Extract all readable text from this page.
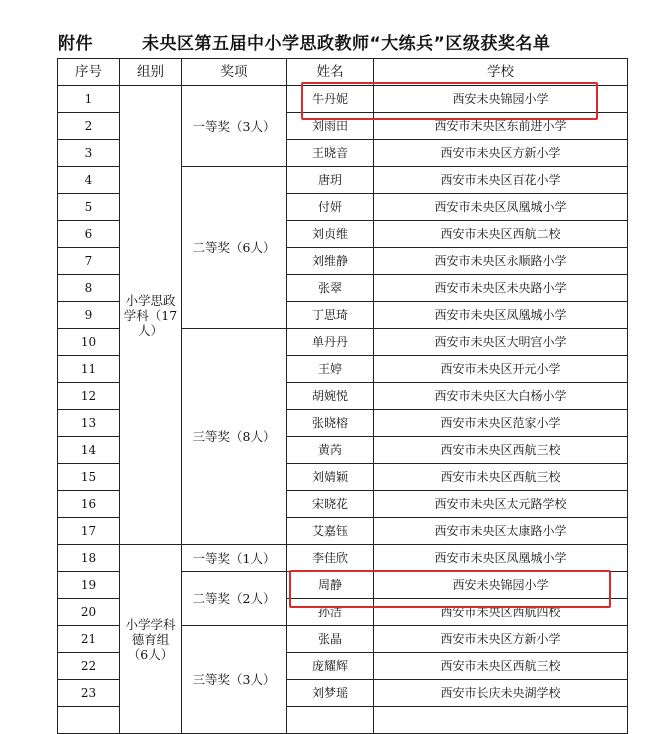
附件	未央区第五届中小学思政教师“大练兵”区级获奖名单
序号	组别	奖项	姓名	学校
1	小学思政学科（17人）	一等奖（3人）	牛丹妮	西安未央锦园小学
2			刘雨田	西安市未央区东前进小学
3			王晓音	西安市未央区方新小学
4		二等奖（6人）	唐玥	西安市未央区百花小学
5			付妍	西安市未央区凤凰城小学
6			刘贞维	西安市未央区西航二校
7			刘维静	西安市未央区永顺路小学
8			张翠	西安市未央区未央路小学
9			丁思琦	西安市未央区凤凰城小学
10		三等奖（8人）	单丹丹	西安市未央区大明宫小学
11			王婷	西安市未央区开元小学
12			胡婉悦	西安市未央区大白杨小学
13			张晓榕	西安市未央区范家小学
14			黄芮	西安市未央区西航三校
15			刘婧颖	西安市未央区西航三校
16			宋晓花	西安市未央区太元路学校
17			艾嘉钰	西安市未央区太康路小学
18	小学学科德育组（6人）	一等奖（1人）	李佳欣	西安市未央区凤凰城小学
19		二等奖（2人）	周静	西安未央锦园小学
20			孙洁	西安市未央区西航四校
21		三等奖（3人）	张晶	西安市未央区方新小学
22			庞耀辉	西安市未央区西航三校
23			刘梦瑶	西安市长庆未央湖学校
